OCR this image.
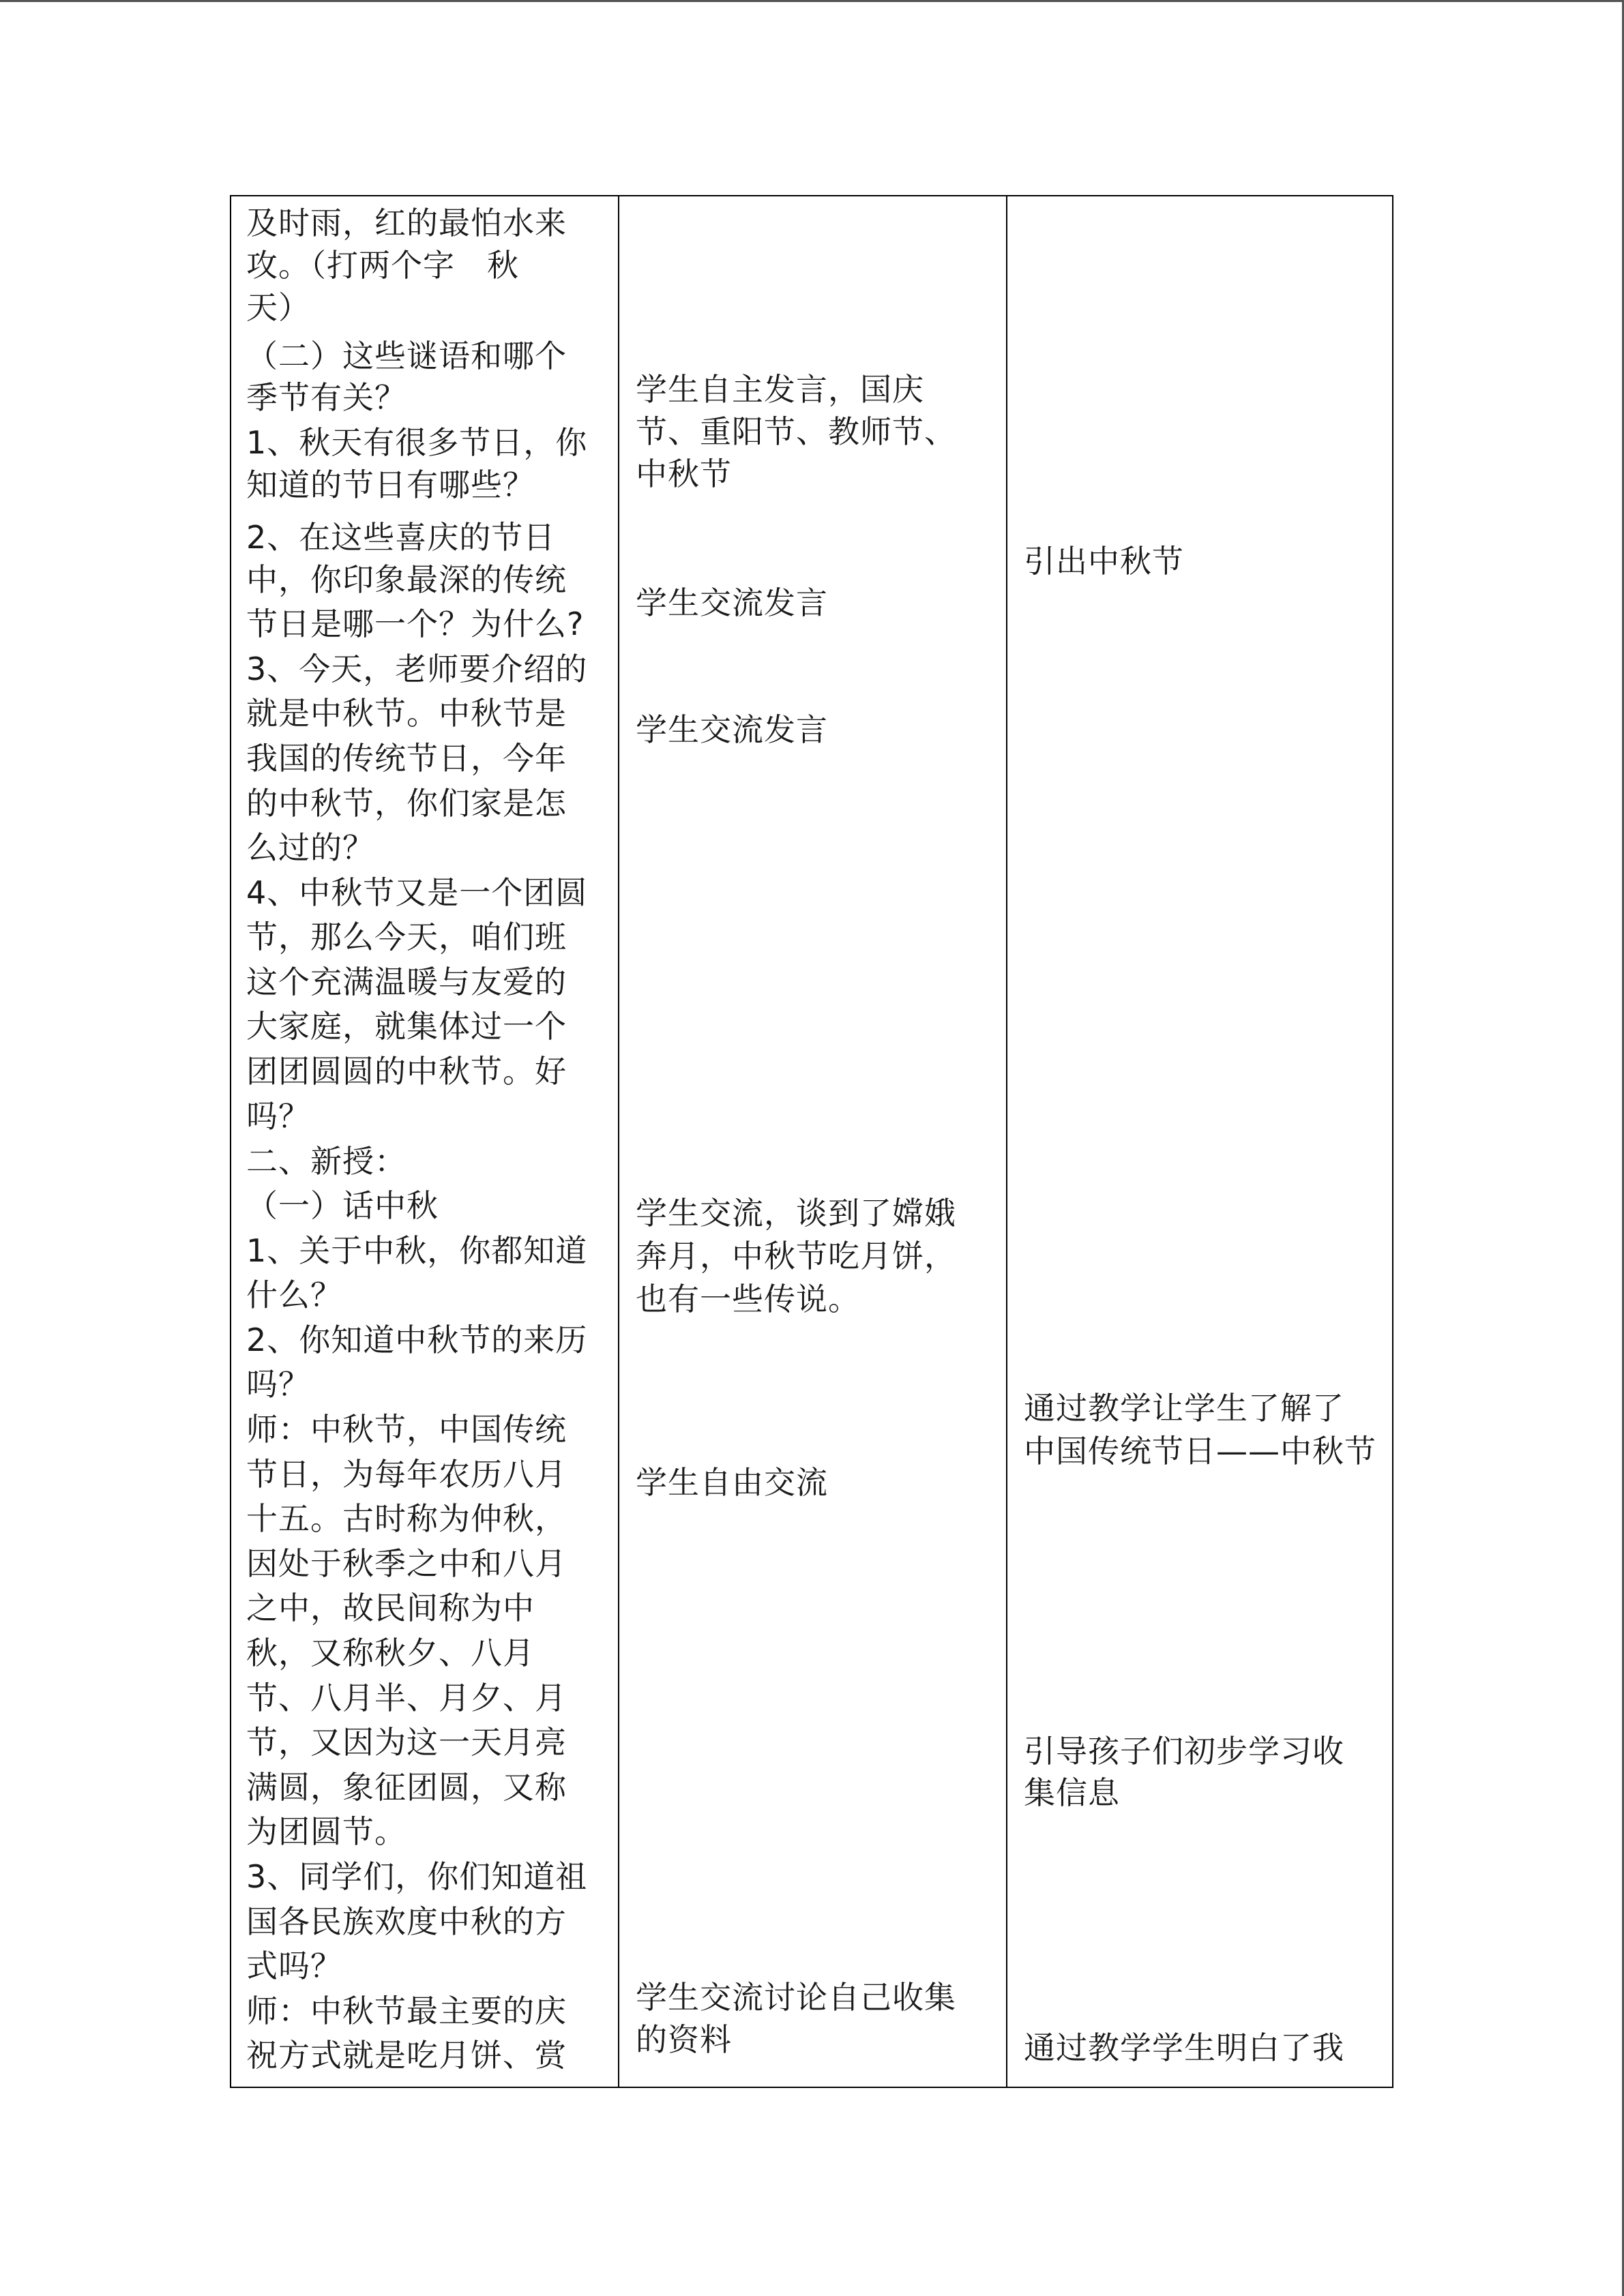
及时雨，红的最怕水来
攻。（打两个字　秋
天）
（二）这些谜语和哪个
季节有关？
1、秋天有很多节日，你
知道的节日有哪些？
2、在这些喜庆的节日
中，你印象最深的传统
节日是哪一个？为什么?
3、今天，老师要介绍的
就是中秋节。中秋节是
我国的传统节日，今年
的中秋节，你们家是怎
么过的？
4、中秋节又是一个团圆
节，那么今天，咱们班
这个充满温暖与友爱的
大家庭，就集体过一个
团团圆圆的中秋节。好
吗？
二、新授：
（一）话中秋
1、关于中秋，你都知道
什么？
2、你知道中秋节的来历
吗？
师：中秋节，中国传统
节日，为每年农历八月
十五。古时称为仲秋，
因处于秋季之中和八月
之中，故民间称为中
秋，又称秋夕、八月
节、八月半、月夕、月
节，又因为这一天月亮
满圆，象征团圆，又称
为团圆节。
3、同学们，你们知道祖
国各民族欢度中秋的方
式吗？
师：中秋节最主要的庆
祝方式就是吃月饼、赏
学生自主发言，国庆
节、重阳节、教师节、
中秋节
学生交流发言
学生交流发言
学生交流，谈到了嫦娥
奔月，中秋节吃月饼，
也有一些传说。
学生自由交流
学生交流讨论自己收集
的资料
引出中秋节
通过教学让学生了解了
中国传统节日——中秋节
引导孩子们初步学习收
集信息
通过教学学生明白了我
